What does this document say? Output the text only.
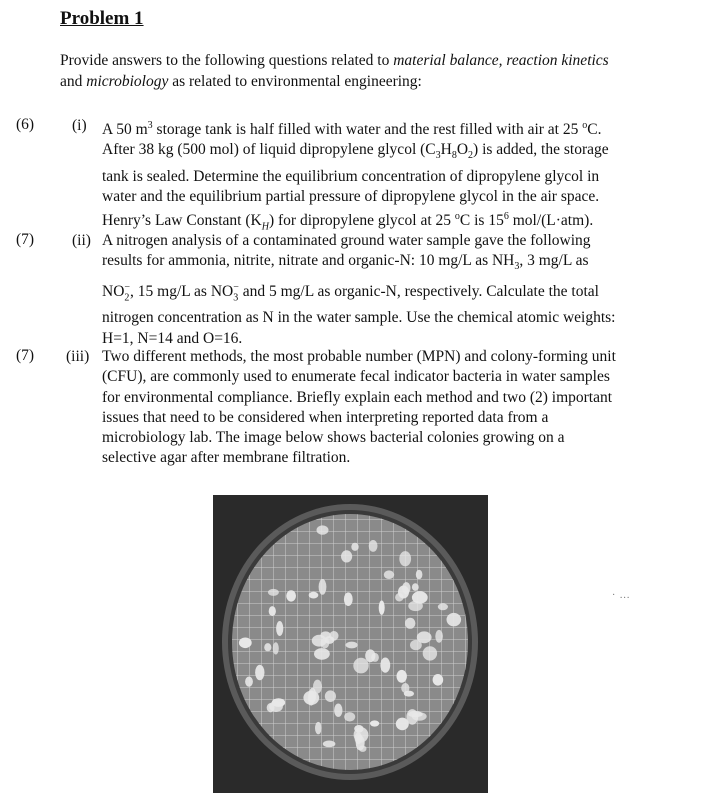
Problem 1
Provide answers to the following questions related to material balance, reaction kinetics
and microbiology as related to environmental engineering:
(6) (i) A 50 $m^3$ storage tank is half filled with water and the rest filled with air at 25 $^o$C.
After 38 kg (500 mol) of liquid dipropylene glycol $(C_3H_8O_2)$ is added, the storage
tank is sealed. Determine the equilibrium concentration of dipropylene glycol in
water and the equilibrium partial pressure of dipropylene glycol in the air space.
Henry’s Law Constant $(K_H)$ for dipropylene glycol at 25 $^o$C is $15^6$ mol/(L·atm).
(7) (ii) A nitrogen analysis of a contaminated ground water sample gave the following
results for ammonia, nitrite, nitrate and organic-N: 10 mg/L as $NH_3$, 3 mg/L as
$NO_2^-$, 15 mg/L as $NO_3^-$ and 5 mg/L as organic-N, respectively. Calculate the total
nitrogen concentration as N in the water sample. Use the chemical atomic weights:
H=1, N=14 and O=16.
(7) (iii) Two different methods, the most probable number (MPN) and colony-forming unit
(CFU), are commonly used to enumerate fecal indicator bacteria in water samples
for environmental compliance. Briefly explain each method and two (2) important
issues that need to be considered when interpreting reported data from a
microbiology lab. The image below shows bacterial colonies growing on a
selective agar after membrane filtration.
· ...
